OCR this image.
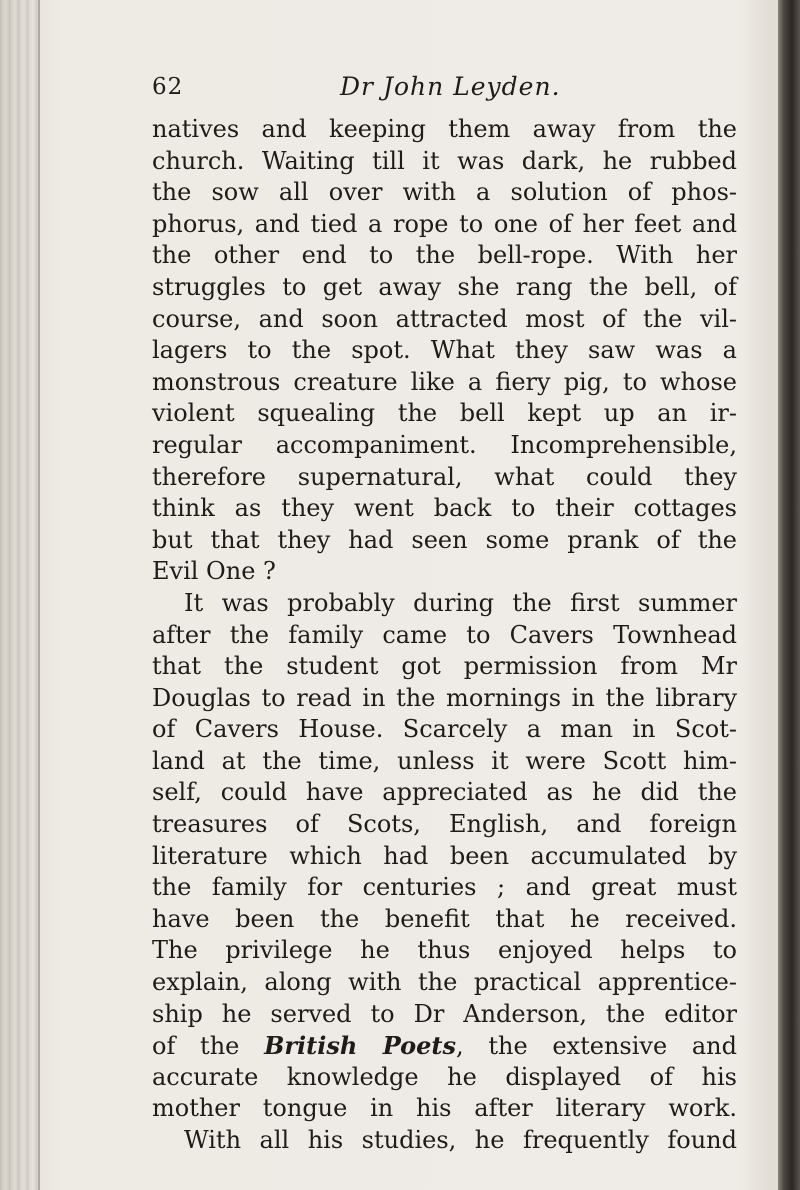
62	Dr John Leyden.
natives and keeping them away from the
church. Waiting till it was dark, he rubbed
the sow all over with a solution of phos-
phorus, and tied a rope to one of her feet and
the other end to the bell-rope. With her
struggles to get away she rang the bell, of
course, and soon attracted most of the vil-
lagers to the spot. What they saw was a
monstrous creature like a fiery pig, to whose
violent squealing the bell kept up an ir-
regular accompaniment. Incomprehensible,
therefore supernatural, what could they
think as they went back to their cottages
but that they had seen some prank of the
Evil One ?
It was probably during the first summer
after the family came to Cavers Townhead
that the student got permission from Mr
Douglas to read in the mornings in the library
of Cavers House. Scarcely a man in Scot-
land at the time, unless it were Scott him-
self, could have appreciated as he did the
treasures of Scots, English, and foreign
literature which had been accumulated by
the family for centuries ; and great must
have been the benefit that he received.
The privilege he thus enjoyed helps to
explain, along with the practical apprentice-
ship he served to Dr Anderson, the editor
of the British Poets, the extensive and
accurate knowledge he displayed of his
mother tongue in his after literary work.
With all his studies, he frequently found
